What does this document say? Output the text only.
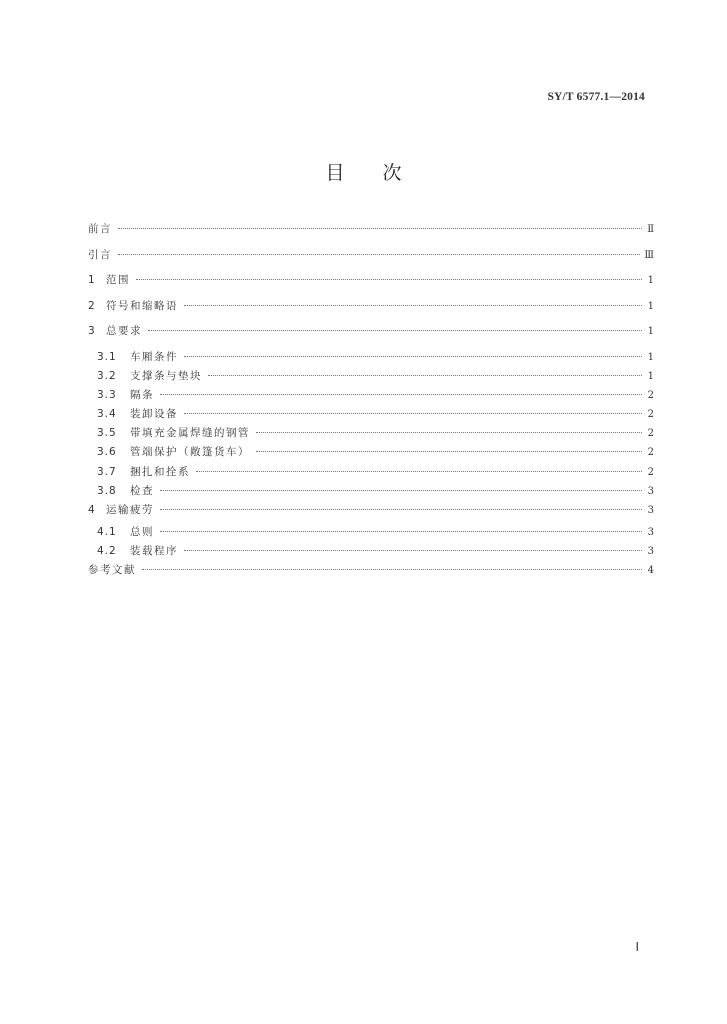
SY/T 6577.1—2014
目 次
前言	Ⅱ
引言	Ⅲ
1	范围	1
2	符号和缩略语	1
3	总要求	1
3.1	车厢条件	1
3.2	支撑条与垫块	1
3.3	隔条	2
3.4	装卸设备	2
3.5	带填充金属焊缝的钢管	2
3.6	管端保护（敞篷货车）	2
3.7	捆扎和拴系	2
3.8	检查	3
4	运输疲劳	3
4.1	总则	3
4.2	装载程序	3
参考文献	4
Ⅰ
